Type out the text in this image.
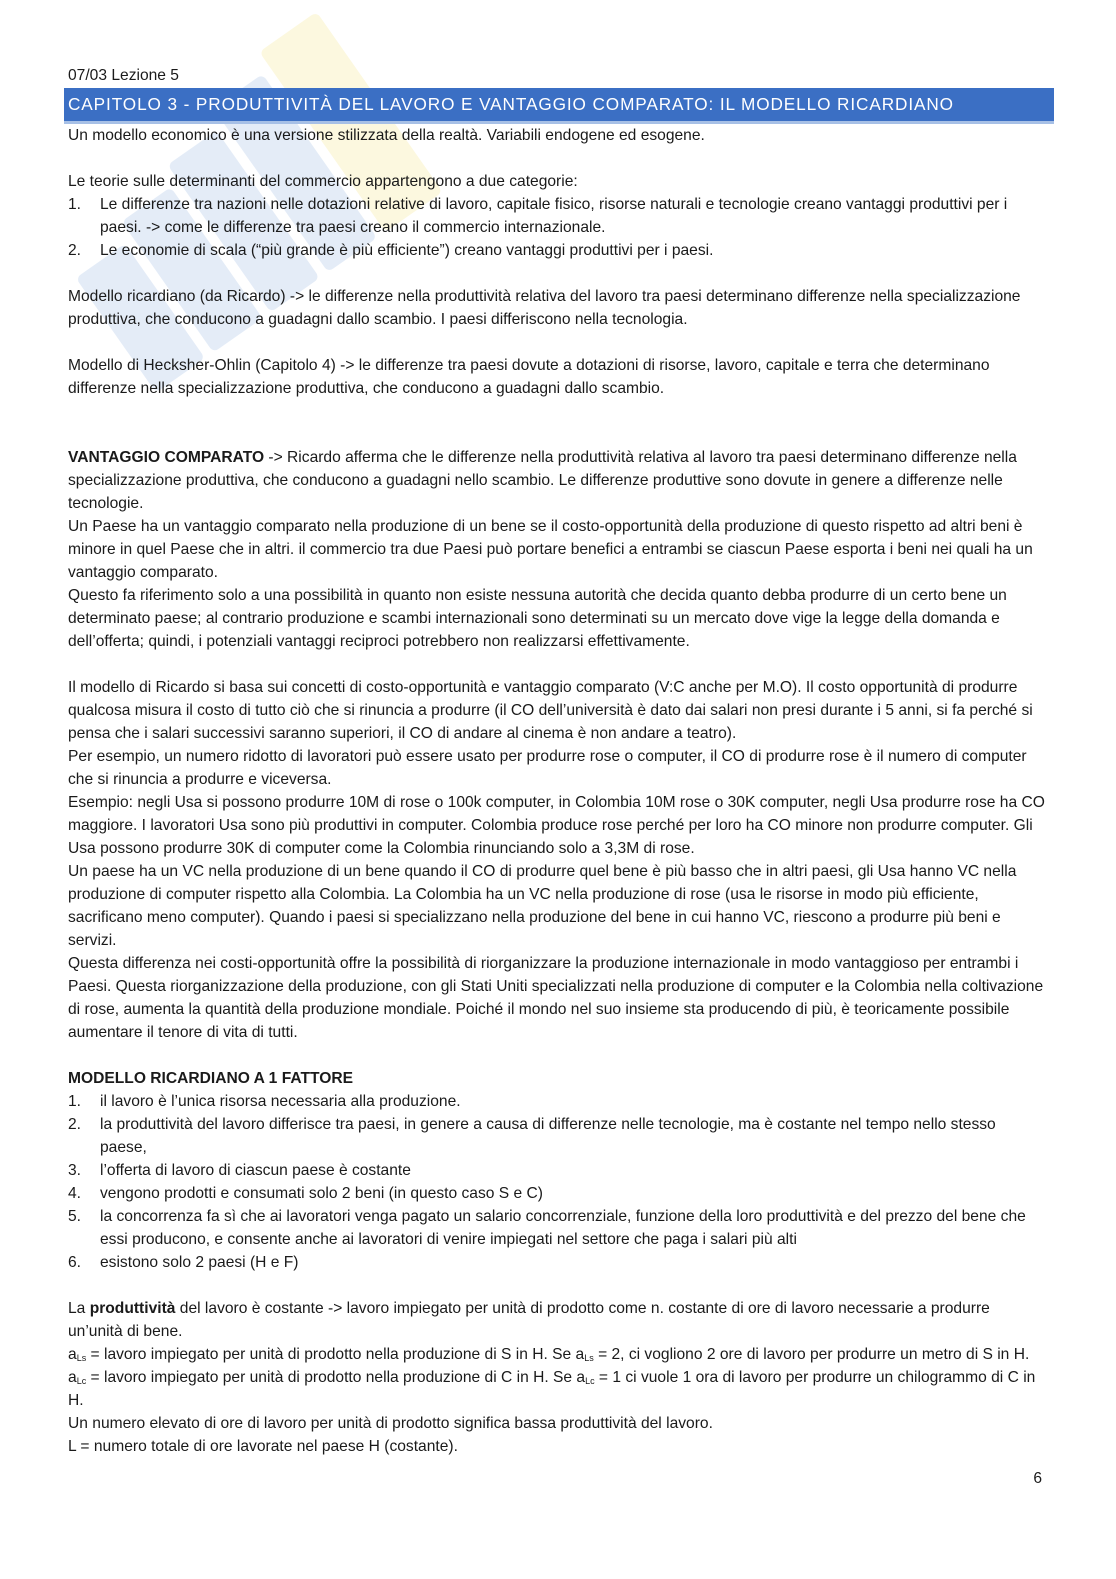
07/03 Lezione 5
CAPITOLO 3 - PRODUTTIVITÀ DEL LAVORO E VANTAGGIO COMPARATO: IL MODELLO RICARDIANO

Un modello economico è una versione stilizzata della realtà. Variabili endogene ed esogene.

Le teorie sulle determinanti del commercio appartengono a due categorie:

1. Le differenze tra nazioni nelle dotazioni relative di lavoro, capitale fisico, risorse naturali e tecnologie creano vantaggi produttivi per i paesi. -> come le differenze tra paesi creano il commercio internazionale.
2. Le economie di scala (“più grande è più efficiente”) creano vantaggi produttivi per i paesi.

Modello ricardiano (da Ricardo) -> le differenze nella produttività relativa del lavoro tra paesi determinano differenze nella specializzazione produttiva, che conducono a guadagni dallo scambio. I paesi differiscono nella tecnologia.

Modello di Hecksher-Ohlin (Capitolo 4) -> le differenze tra paesi dovute a dotazioni di risorse, lavoro, capitale e terra che determinano differenze nella specializzazione produttiva, che conducono a guadagni dallo scambio.

VANTAGGIO COMPARATO -> Ricardo afferma che le differenze nella produttività relativa al lavoro tra paesi determinano differenze nella specializzazione produttiva, che conducono a guadagni nello scambio. Le differenze produttive sono dovute in genere a differenze nelle tecnologie.

Un Paese ha un vantaggio comparato nella produzione di un bene se il costo-opportunità della produzione di questo rispetto ad altri beni è minore in quel Paese che in altri. il commercio tra due Paesi può portare benefici a entrambi se ciascun Paese esporta i beni nei quali ha un vantaggio comparato.

Questo fa riferimento solo a una possibilità in quanto non esiste nessuna autorità che decida quanto debba produrre di un certo bene un determinato paese; al contrario produzione e scambi internazionali sono determinati su un mercato dove vige la legge della domanda e dell’offerta; quindi, i potenziali vantaggi reciproci potrebbero non realizzarsi effettivamente.

Il modello di Ricardo si basa sui concetti di costo-opportunità e vantaggio comparato (V:C anche per M.O). Il costo opportunità di produrre qualcosa misura il costo di tutto ciò che si rinuncia a produrre (il CO dell’università è dato dai salari non presi durante i 5 anni, si fa perché si pensa che i salari successivi saranno superiori, il CO di andare al cinema è non andare a teatro).

Per esempio, un numero ridotto di lavoratori può essere usato per produrre rose o computer, il CO di produrre rose è il numero di computer che si rinuncia a produrre e viceversa.

Esempio: negli Usa si possono produrre 10M di rose o 100k computer, in Colombia 10M rose o 30K computer, negli Usa produrre rose ha CO maggiore. I lavoratori Usa sono più produttivi in computer. Colombia produce rose perché per loro ha CO minore non produrre computer. Gli Usa possono produrre 30K di computer come la Colombia rinunciando solo a 3,3M di rose.

Un paese ha un VC nella produzione di un bene quando il CO di produrre quel bene è più basso che in altri paesi, gli Usa hanno VC nella produzione di computer rispetto alla Colombia. La Colombia ha un VC nella produzione di rose (usa le risorse in modo più efficiente, sacrificano meno computer). Quando i paesi si specializzano nella produzione del bene in cui hanno VC, riescono a produrre più beni e servizi.

Questa differenza nei costi-opportunità offre la possibilità di riorganizzare la produzione internazionale in modo vantaggioso per entrambi i Paesi. Questa riorganizzazione della produzione, con gli Stati Uniti specializzati nella produzione di computer e la Colombia nella coltivazione di rose, aumenta la quantità della produzione mondiale. Poiché il mondo nel suo insieme sta producendo di più, è teoricamente possibile aumentare il tenore di vita di tutti.

MODELLO RICARDIANO A 1 FATTORE

1. il lavoro è l’unica risorsa necessaria alla produzione.
2. la produttività del lavoro differisce tra paesi, in genere a causa di differenze nelle tecnologie, ma è costante nel tempo nello stesso paese,
3. l’offerta di lavoro di ciascun paese è costante
4. vengono prodotti e consumati solo 2 beni (in questo caso S e C)
5. la concorrenza fa sì che ai lavoratori venga pagato un salario concorrenziale, funzione della loro produttività e del prezzo del bene che essi producono, e consente anche ai lavoratori di venire impiegati nel settore che paga i salari più alti
6. esistono solo 2 paesi (H e F)

La produttività del lavoro è costante -> lavoro impiegato per unità di prodotto come n. costante di ore di lavoro necessarie a produrre un’unità di bene.

$a_{Ls}$ = lavoro impiegato per unità di prodotto nella produzione di S in H. Se $a_{Ls} = 2$, ci vogliono 2 ore di lavoro per produrre un metro di S in H.

$a_{Lc}$ = lavoro impiegato per unità di prodotto nella produzione di C in H. Se $a_{Lc} = 1$ ci vuole 1 ora di lavoro per produrre un chilogrammo di C in H.

Un numero elevato di ore di lavoro per unità di prodotto significa bassa produttività del lavoro.

L = numero totale di ore lavorate nel paese H (costante).

6
